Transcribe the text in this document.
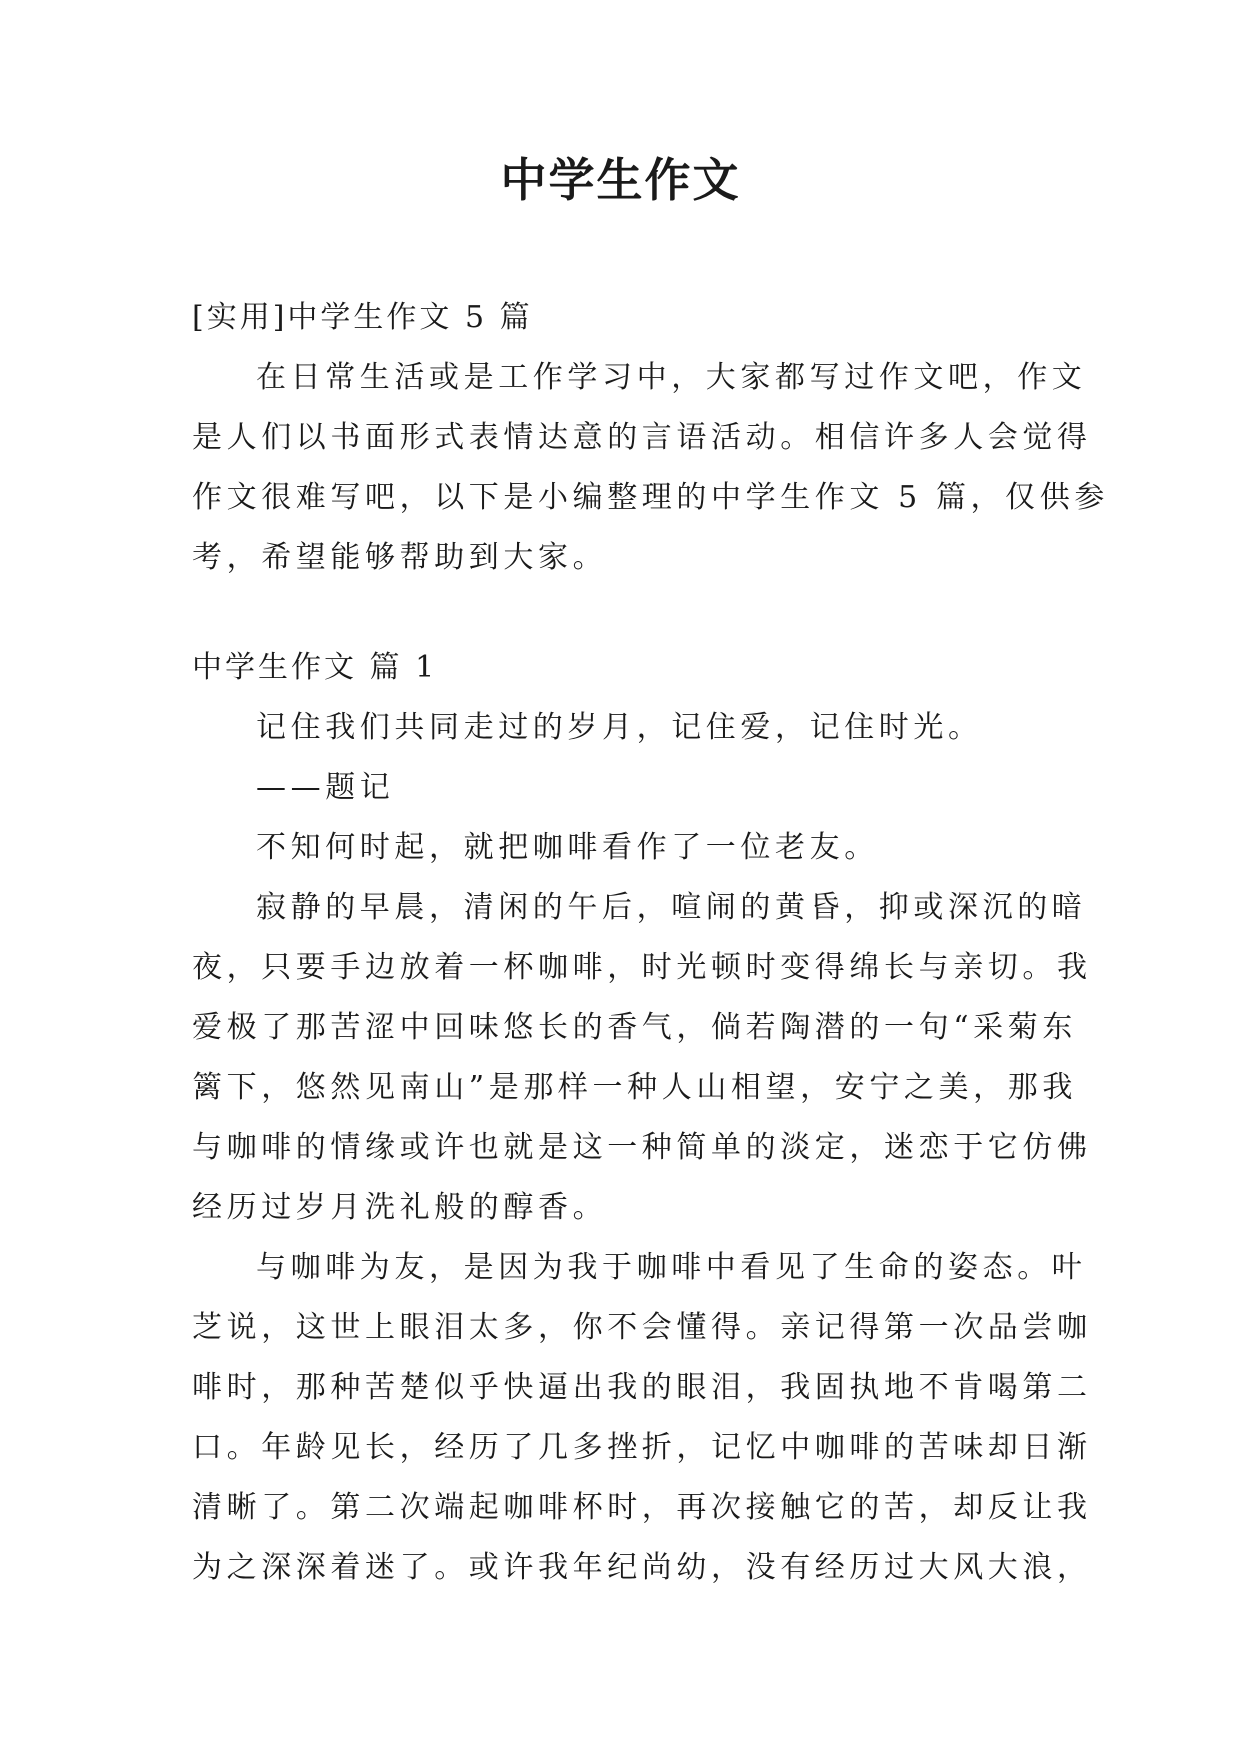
中学生作文
[实用]中学生作文 5 篇
在日常生活或是工作学习中，大家都写过作文吧，作文
是人们以书面形式表情达意的言语活动。相信许多人会觉得
作文很难写吧，以下是小编整理的中学生作文 5 篇，仅供参
考，希望能够帮助到大家。
中学生作文 篇 1
记住我们共同走过的岁月，记住爱，记住时光。
——题记
不知何时起，就把咖啡看作了一位老友。
寂静的早晨，清闲的午后，喧闹的黄昏，抑或深沉的暗
夜，只要手边放着一杯咖啡，时光顿时变得绵长与亲切。我
爱极了那苦涩中回味悠长的香气，倘若陶潜的一句“采菊东
篱下，悠然见南山”是那样一种人山相望，安宁之美，那我
与咖啡的情缘或许也就是这一种简单的淡定，迷恋于它仿佛
经历过岁月洗礼般的醇香。
与咖啡为友，是因为我于咖啡中看见了生命的姿态。叶
芝说，这世上眼泪太多，你不会懂得。亲记得第一次品尝咖
啡时，那种苦楚似乎快逼出我的眼泪，我固执地不肯喝第二
口。年龄见长，经历了几多挫折，记忆中咖啡的苦味却日渐
清晰了。第二次端起咖啡杯时，再次接触它的苦，却反让我
为之深深着迷了。或许我年纪尚幼，没有经历过大风大浪，
